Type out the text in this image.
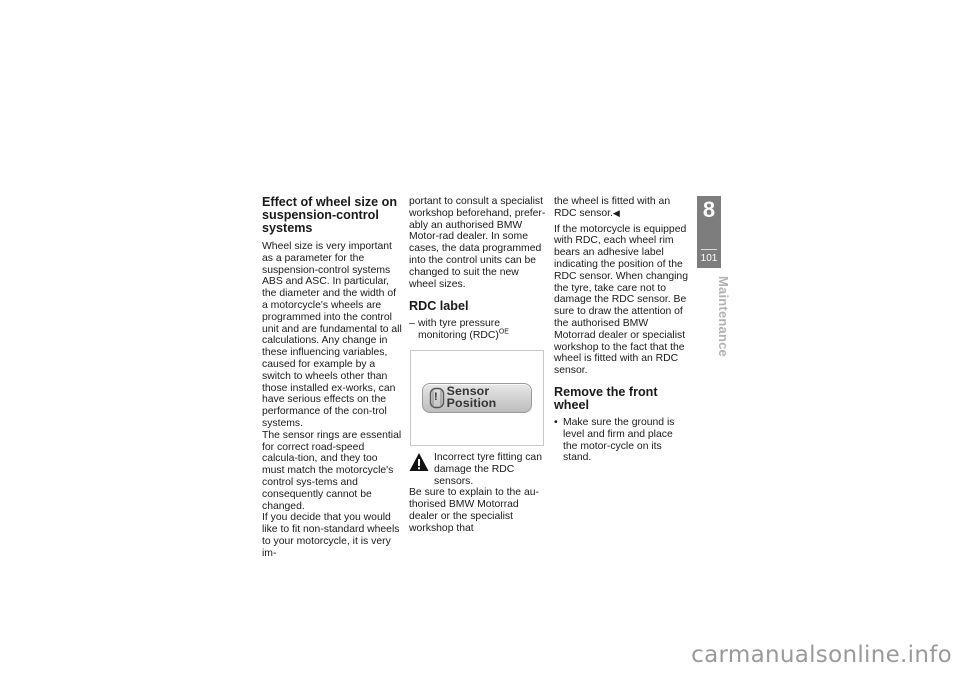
Effect of wheel size on suspension-control systems

Wheel size is very important as a parameter for the suspension-control systems ABS and ASC. In particular, the diameter and the width of a motorcycle's wheels are programmed into the control unit and are fundamental to all calculations. Any change in these influencing variables, caused for example by a switch to wheels other than those installed ex-works, can have serious effects on the performance of the con-trol systems.

The sensor rings are essential for correct road-speed calcula-tion, and they too must match the motorcycle's control sys-tems and consequently cannot be changed.

If you decide that you would like to fit non-standard wheels to your motorcycle, it is very im-

portant to consult a specialist workshop beforehand, prefer-ably an authorised BMW Motor-rad dealer. In some cases, the data programmed into the control units can be changed to suit the new wheel sizes.

RDC label
– with tyre pressure monitoring (RDC)$^{OE}$
! Sensor Position
Incorrect tyre fitting can damage the RDC sensors.

Be sure to explain to the au-thorised BMW Motorrad dealer or the specialist workshop that

the wheel is fitted with an RDC sensor.◀

If the motorcycle is equipped with RDC, each wheel rim bears an adhesive label indicating the position of the RDC sensor. When changing the tyre, take care not to damage the RDC sensor. Be sure to draw the attention of the authorised BMW Motorrad dealer or specialist workshop to the fact that the wheel is fitted with an RDC sensor.

Remove the front wheel
• Make sure the ground is level and firm and place the motor-cycle on its stand.
8
101
Maintenance
carmanualsonline.info
